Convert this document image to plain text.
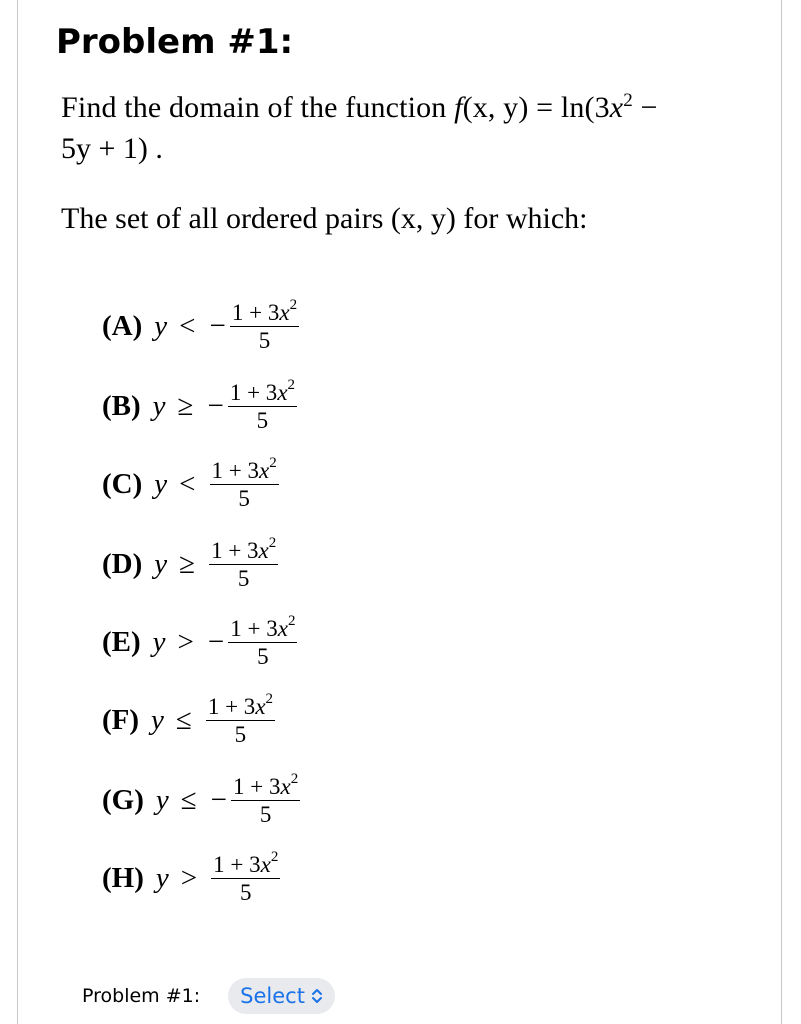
Problem #1:
Find the domain of the function f(x, $y) = \ln(3x^2$ −
5y + 1) .
The set of all ordered pairs (x, y) for which:
(A) y < − $\frac{1 + 3x^2}{5}$
(B) y ≥ − $\frac{1 + 3x^2}{5}$
(C) $y < \frac{1 + 3x^2}{5}$
(D) $y \ge \frac{1 + 3x^2}{5}$
(E) y > − $\frac{1 + 3x^2}{5}$
(F) $y \le \frac{1 + 3x^2}{5}$
(G) y ≤ − $\frac{1 + 3x^2}{5}$
(H) $y > \frac{1 + 3x^2}{5}$
Problem #1: Select
